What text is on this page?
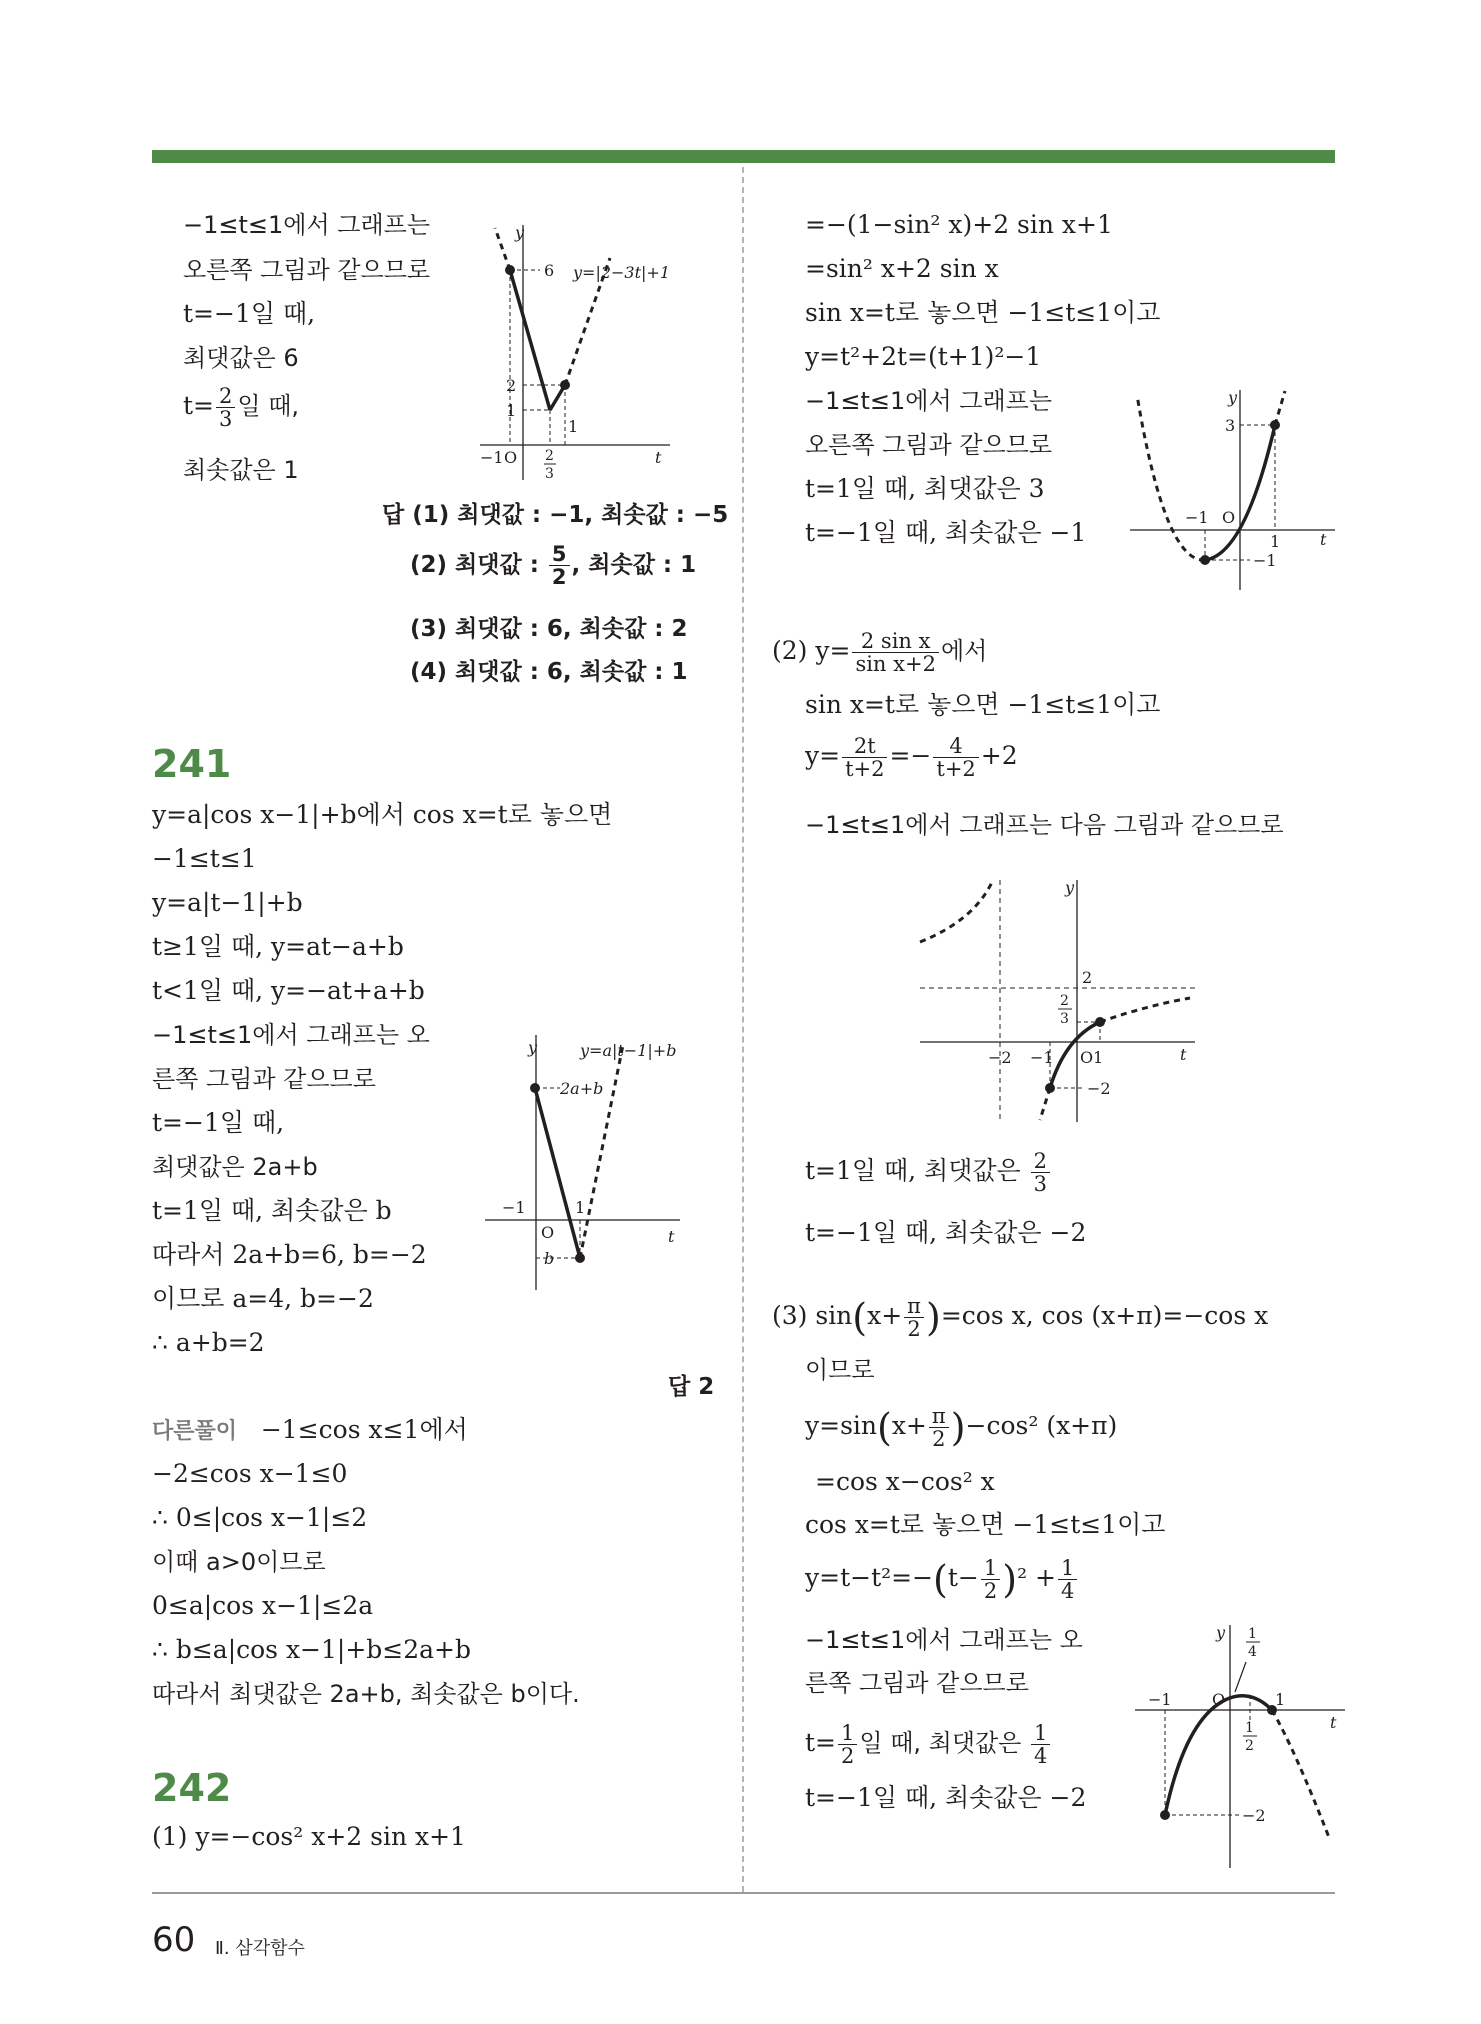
−1≤t≤1에서 그래프는
오른쪽 그림과 같으므로
t=−1일 때,
최댓값은 6
$t= \frac{2}{3}$ 일 때,
최솟값은 1
y
t
y=|2−3t|+1
6
2
1
1
−1 O 2
3
답 (1) 최댓값 : −1, 최솟값 : −5
(2) 최댓값 : $\frac{5}{2}$ , 최솟값 : 1
(3) 최댓값 : 6, 최솟값 : 2
(4) 최댓값 : 6, 최솟값 : 1
241
y=a|cos x−1|+b에서 cos x=t로 놓으면
−1≤t≤1
y=a|t−1|+b
t≥1일 때, y=at−a+b
t<1일 때, y=−at+a+b
−1≤t≤1에서 그래프는 오
른쪽 그림과 같으므로
t=−1일 때,
최댓값은 2a+b
t=1일 때, 최솟값은 b
따라서 2a+b=6, b=−2
이므로 a=4, b=−2
∴ a+b=2
답 2
y
t
y=a|t−1|+b
2a+b
b
−1	1
O
다른풀이 −1≤cos x≤1에서
−2≤cos x−1≤0
∴ 0≤|cos x−1|≤2
이때 a>0이므로
0≤a|cos x−1|≤2a
∴ b≤a|cos x−1|+b≤2a+b
따라서 최댓값은 2a+b, 최솟값은 b이다.
242
(1) y=−cos² x+2 sin x+1
=−(1−sin² x)+2 sin x+1
=sin² x+2 sin x
sin x=t로 놓으면 −1≤t≤1이고
y=t²+2t=(t+1)²−1
−1≤t≤1에서 그래프는
오른쪽 그림과 같으므로
t=1일 때, 최댓값은 3
t=−1일 때, 최솟값은 −1
y
t
3
−1 O
1
−1
(2) $y= \frac{\text{2 sin x}}{\text{sin x+2}}$ 에서
sin x=t로 놓으면 −1≤t≤1이고
$y= \frac{2t}{t+2} =- \frac{4}{t+2} +2$
−1≤t≤1에서 그래프는 다음 그림과 같으므로
t=1일 때, 최댓값은 $\frac{2}{3}$
t=−1일 때, 최솟값은 −2
y
t
2
2
3
−2 −1 O 1
−2
(3) $\sin(x+ \frac{\pi}{2} )=\cos$ x, cos (x+π)=−cos x
이므로
$y=\sin(x+ \frac{\pi}{2} )-\cos^2$ (x+π)
=cos x−cos² x
cos x=t로 놓으면 −1≤t≤1이고
$y=t-t^2=-(t- \frac{1}{2} )^2 + \frac{1}{4}$
−1≤t≤1에서 그래프는 오
른쪽 그림과 같으므로
$t= \frac{1}{2}$ 일 때, 최댓값은 $\frac{1}{4}$
t=−1일 때, 최솟값은 −2
y
t
1
4
−1	O	1
1
2
−2
60 Ⅱ. 삼각함수
